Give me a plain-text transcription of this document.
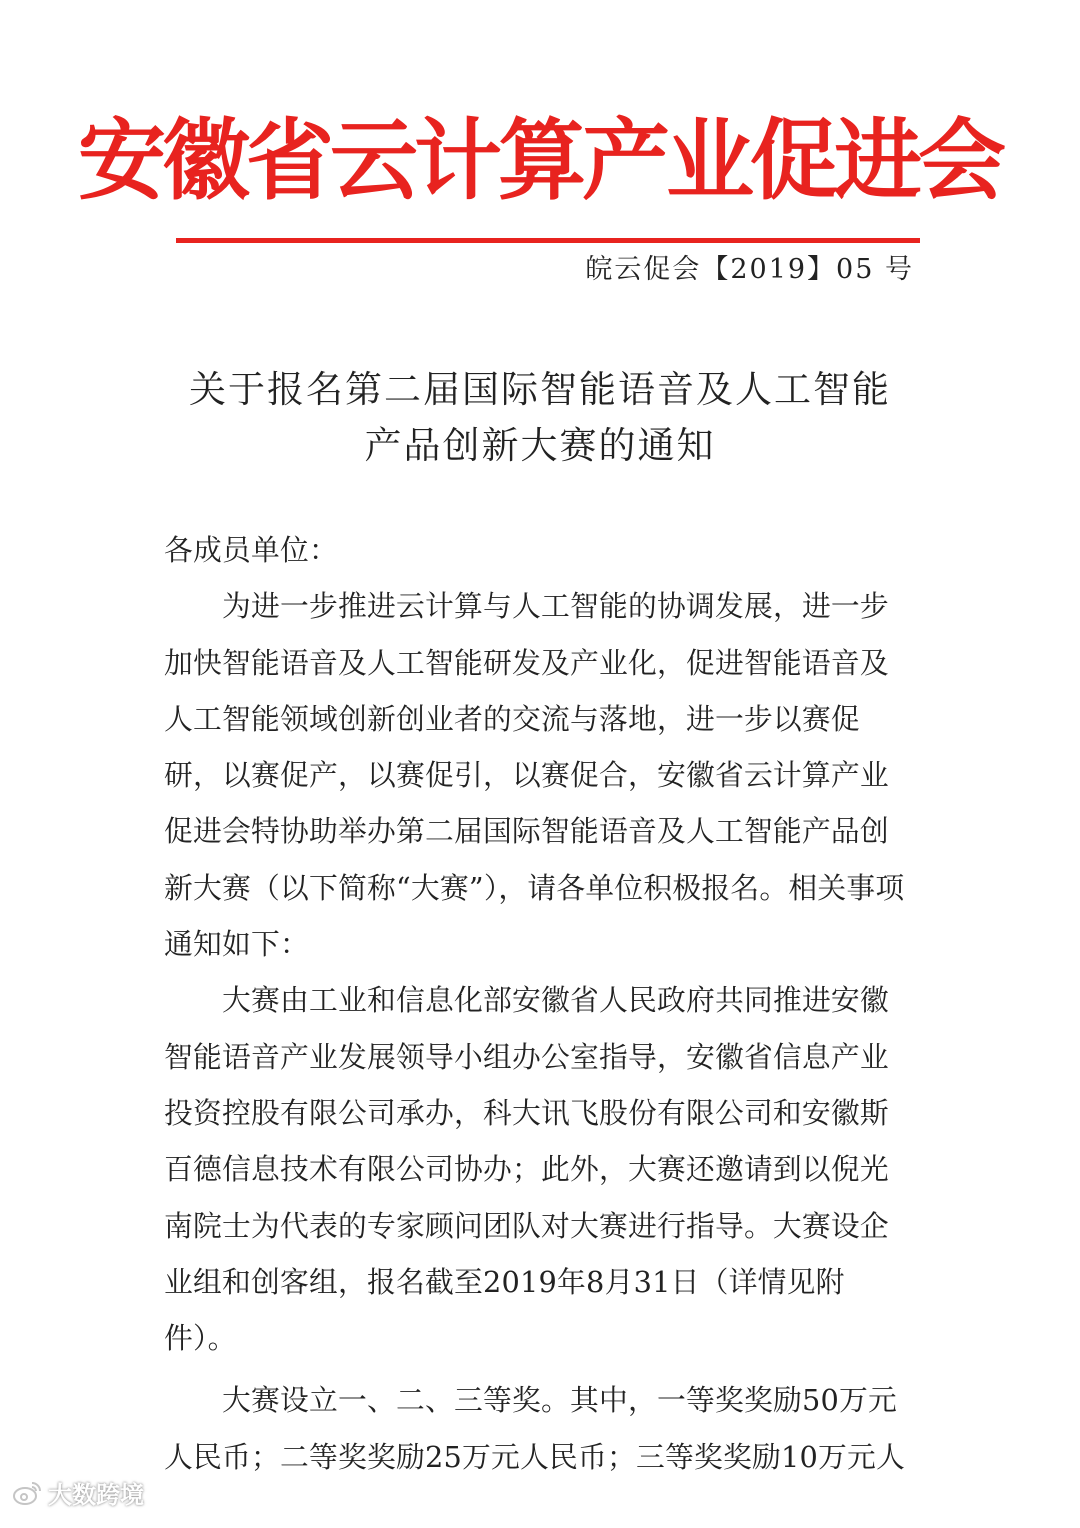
安徽省云计算产业促进会
皖云促会【2019】05 号
关于报名第二届国际智能语音及人工智能
产品创新大赛的通知

各成员单位：

为进一步推进云计算与人工智能的协调发展，进一步加快智能语音及人工智能研发及产业化，促进智能语音及人工智能领域创新创业者的交流与落地，进一步以赛促研，以赛促产，以赛促引，以赛促合，安徽省云计算产业促进会特协助举办第二届国际智能语音及人工智能产品创新大赛（以下简称“大赛”），请各单位积极报名。相关事项通知如下：

大赛由工业和信息化部安徽省人民政府共同推进安徽智能语音产业发展领导小组办公室指导，安徽省信息产业投资控股有限公司承办，科大讯飞股份有限公司和安徽斯百德信息技术有限公司协办；此外，大赛还邀请到以倪光南院士为代表的专家顾问团队对大赛进行指导。大赛设企业组和创客组，报名截至2019年8月31日（详情见附件）。

大赛设立一、二、三等奖。其中，一等奖奖励50万元人民币；二等奖奖励25万元人民币；三等奖奖励10万元人

大数跨境
